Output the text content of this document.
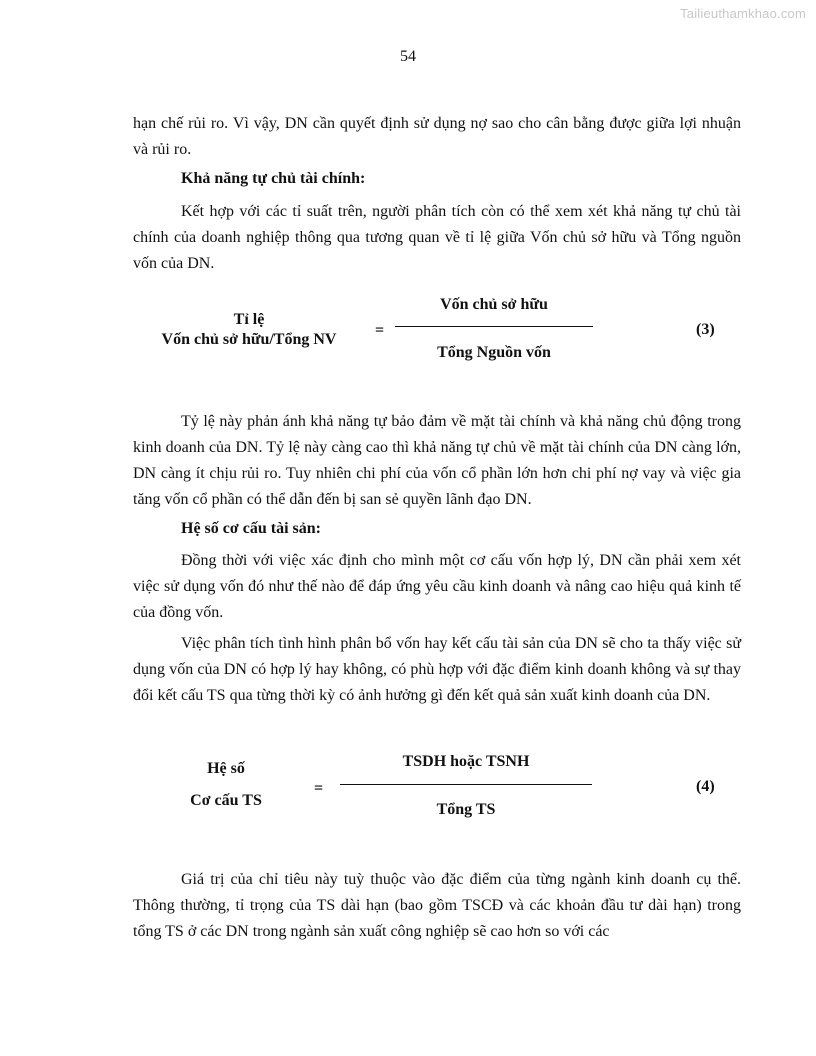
Tailieuthamkhao.com
54

hạn chế rủi ro. Vì vậy, DN cần quyết định sử dụng nợ sao cho cân bằng được giữa lợi nhuận và rủi ro.

Khả năng tự chủ tài chính:

Kết hợp với các tỉ suất trên, người phân tích còn có thể xem xét khả năng tự chủ tài chính của doanh nghiệp thông qua tương quan về tỉ lệ giữa Vốn chủ sở hữu và Tổng nguồn vốn của DN.

Tỉ lệ
Vốn chủ sở hữu/Tổng NV
=
Vốn chủ sở hữu
Tổng Nguồn vốn
(3)

Tỷ lệ này phản ánh khả năng tự bảo đảm về mặt tài chính và khả năng chủ động trong kinh doanh của DN. Tỷ lệ này càng cao thì khả năng tự chủ về mặt tài chính của DN càng lớn, DN càng ít chịu rủi ro. Tuy nhiên chi phí của vốn cổ phần lớn hơn chi phí nợ vay và việc gia tăng vốn cổ phần có thể dẫn đến bị san sẻ quyền lãnh đạo DN.

Hệ số cơ cấu tài sản:

Đồng thời với việc xác định cho mình một cơ cấu vốn hợp lý, DN cần phải xem xét việc sử dụng vốn đó như thế nào để đáp ứng yêu cầu kinh doanh và nâng cao hiệu quả kinh tế của đồng vốn.

Việc phân tích tình hình phân bổ vốn hay kết cấu tài sản của DN sẽ cho ta thấy việc sử dụng vốn của DN có hợp lý hay không, có phù hợp với đặc điểm kinh doanh không và sự thay đổi kết cấu TS qua từng thời kỳ có ảnh hưởng gì đến kết quả sản xuất kinh doanh của DN.

Hệ số
Cơ cấu TS
=
TSDH hoặc TSNH
Tổng TS
(4)

Giá trị của chỉ tiêu này tuỳ thuộc vào đặc điểm của từng ngành kinh doanh cụ thể. Thông thường, tỉ trọng của TS dài hạn (bao gồm TSCĐ và các khoản đầu tư dài hạn) trong tổng TS ở các DN trong ngành sản xuất công nghiệp sẽ cao hơn so với các
